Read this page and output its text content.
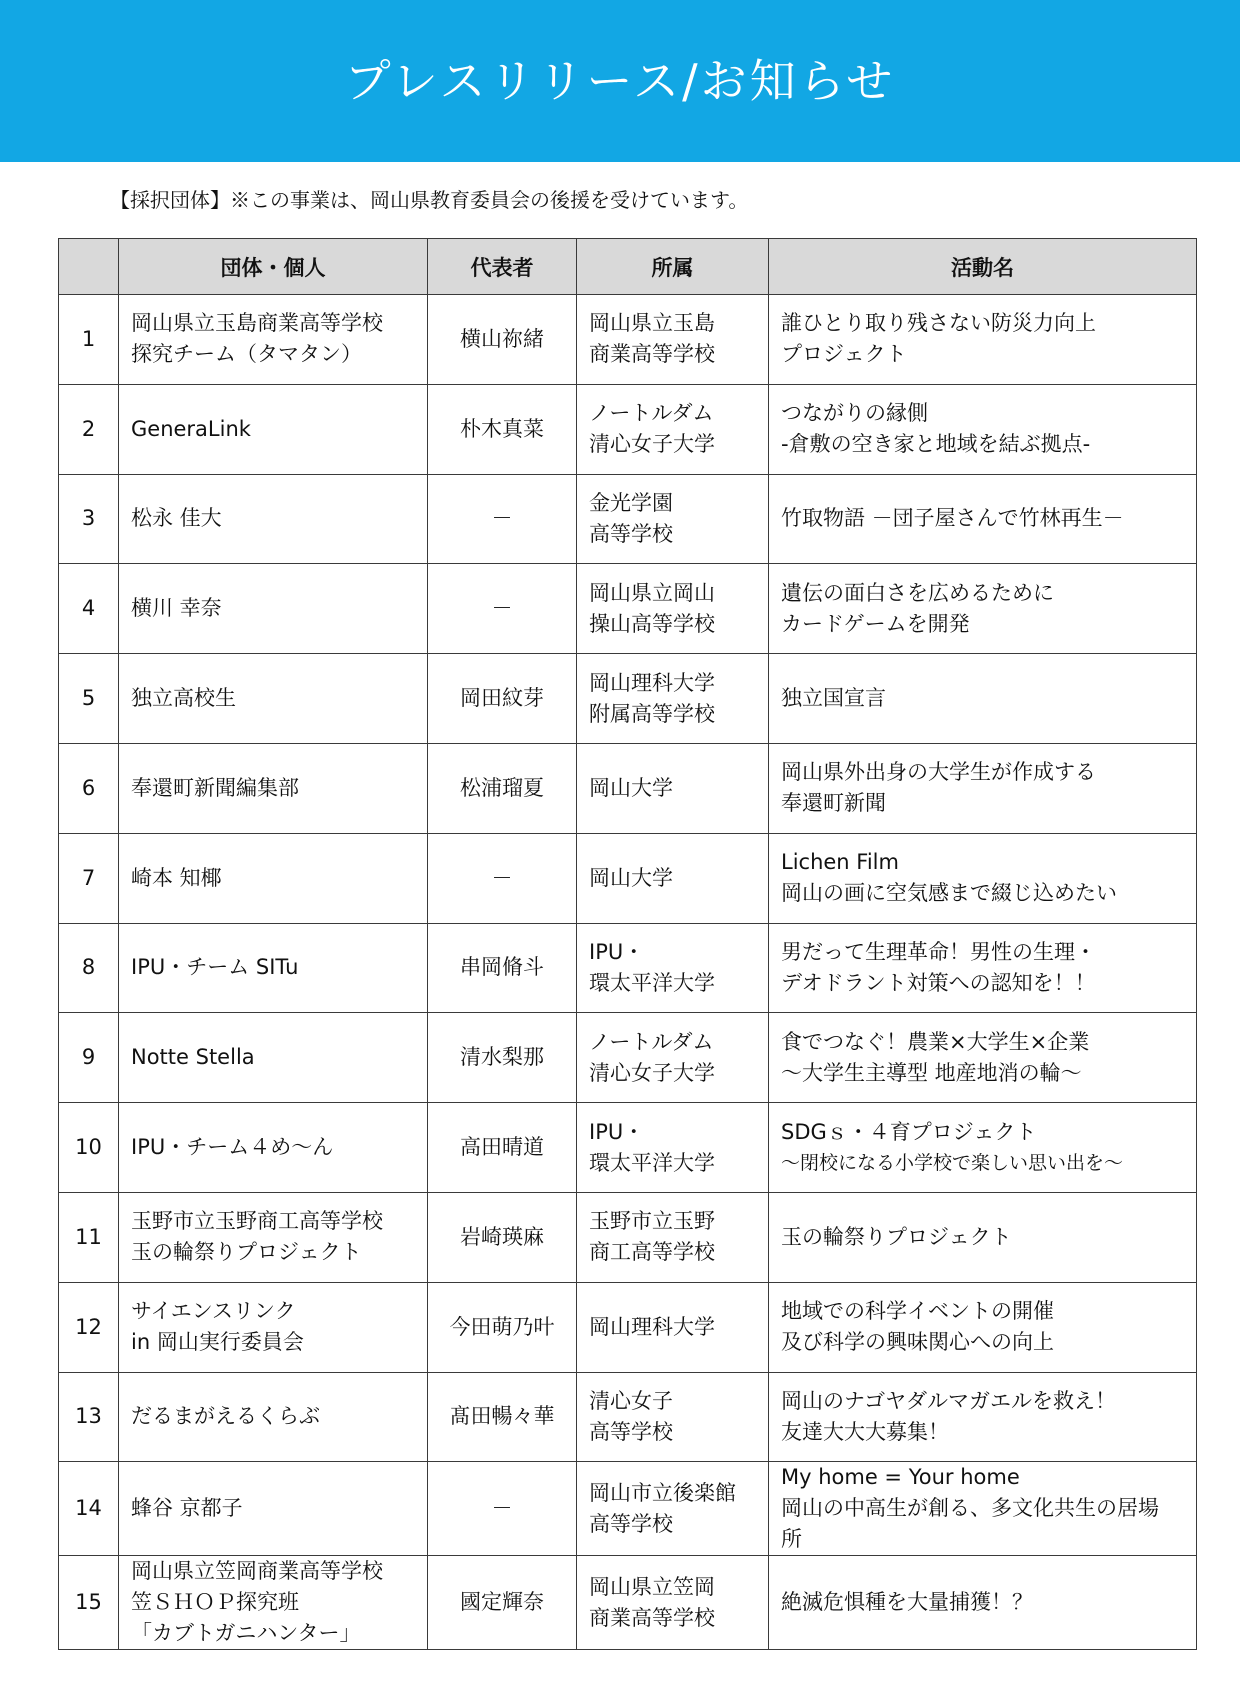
プレスリリース/お知らせ
【採択団体】※この事業は、岡山県教育委員会の後援を受けています。
	団体・個人	代表者	所属	活動名
1	岡山県立玉島商業高等学校
探究チーム（タマタン）	横山祢緒	岡山県立玉島
商業高等学校	誰ひとり取り残さない防災力向上
プロジェクト

2	GeneraLink	朴木真菜	ノートルダム
清心女子大学	つながりの縁側
-倉敷の空き家と地域を結ぶ拠点-

3	松永 佳大	－	金光学園
高等学校	竹取物語 －団子屋さんで竹林再生－

4	横川 幸奈	－	岡山県立岡山
操山高等学校	遺伝の面白さを広めるために
カードゲームを開発

5	独立高校生	岡田紋芽	岡山理科大学
附属高等学校	独立国宣言

6	奉還町新聞編集部	松浦瑠夏	岡山大学	岡山県外出身の大学生が作成する
奉還町新聞

7	崎本 知椰	－	岡山大学	Lichen Film
岡山の画に空気感まで綴じ込めたい

8	IPU・チーム SITu	串岡脩斗	IPU・
環太平洋大学	男だって生理革命！男性の生理・
デオドラント対策への認知を！！

9	Notte Stella	清水梨那	ノートルダム
清心女子大学	食でつなぐ！農業×大学生×企業
～大学生主導型 地産地消の輪～

10	IPU・チーム４め～ん	高田晴道	IPU・
環太平洋大学	SDGｓ・４育プロジェクト
～閉校になる小学校で楽しい思い出を～

11	玉野市立玉野商工高等学校
玉の輪祭りプロジェクト	岩崎瑛麻	玉野市立玉野
商工高等学校	玉の輪祭りプロジェクト

12	サイエンスリンク
in 岡山実行委員会	今田萌乃叶	岡山理科大学	地域での科学イベントの開催
及び科学の興味関心への向上

13	だるまがえるくらぶ	髙田暢々華	清心女子
高等学校	岡山のナゴヤダルマガエルを救え！
友達大大大募集！

14	蜂谷 京都子	－	岡山市立後楽館
高等学校	My home = Your home
岡山の中高生が創る、多文化共生の居場
所

15	岡山県立笠岡商業高等学校
笠ＳＨＯＰ探究班
「カブトガニハンター」	國定輝奈	岡山県立笠岡
商業高等学校	絶滅危惧種を大量捕獲！？
